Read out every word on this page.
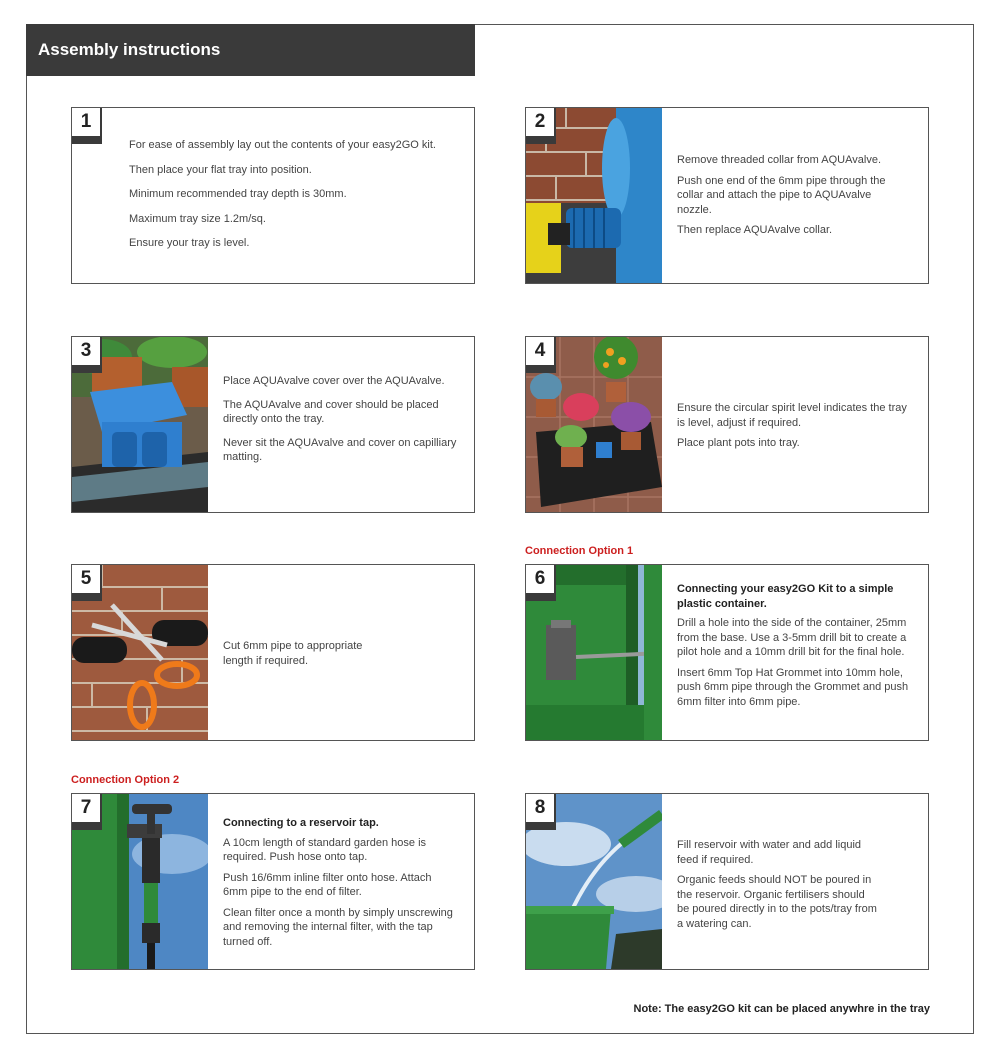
Assembly instructions
1

For ease of assembly lay out the contents of your easy2GO kit.

Then place your flat tray into position.

Minimum recommended tray depth is 30mm.

Maximum tray size 1.2m/sq.

Ensure your tray is level.

2

Remove threaded collar from AQUAvalve.

Push one end of the 6mm pipe through the collar and attach the pipe to AQUAvalve nozzle.

Then replace AQUAvalve collar.

3

Place AQUAvalve cover over the AQUAvalve.

The AQUAvalve and cover should be placed directly onto the tray.

Never sit the AQUAvalve and cover on capilliary matting.

4

Ensure the circular spirit level indicates the tray is level, adjust if required.

Place plant pots into tray.

Connection Option 1
5

Cut 6mm pipe to appropriate length if required.

6	Connecting your easy2GO Kit to a simple plastic container.

Drill a hole into the side of the container, 25mm from the base. Use a 3-5mm drill bit to create a pilot hole and a 10mm drill bit for the final hole.

Insert 6mm Top Hat Grommet into 10mm hole, push 6mm pipe through the Grommet and push 6mm filter into 6mm pipe.

Connection Option 2
7

Connecting to a reservoir tap.

A 10cm length of standard garden hose is required. Push hose onto tap.

Push 16/6mm inline filter onto hose. Attach 6mm pipe to the end of filter.

Clean filter once a month by simply unscrewing and removing the internal filter, with the tap turned off.

8

Fill reservoir with water and add liquid feed if required.

Organic feeds should NOT be poured in the reservoir. Organic fertilisers should be poured directly in to the pots/tray from a watering can.

Note: The easy2GO kit can be placed anywhre in the tray
